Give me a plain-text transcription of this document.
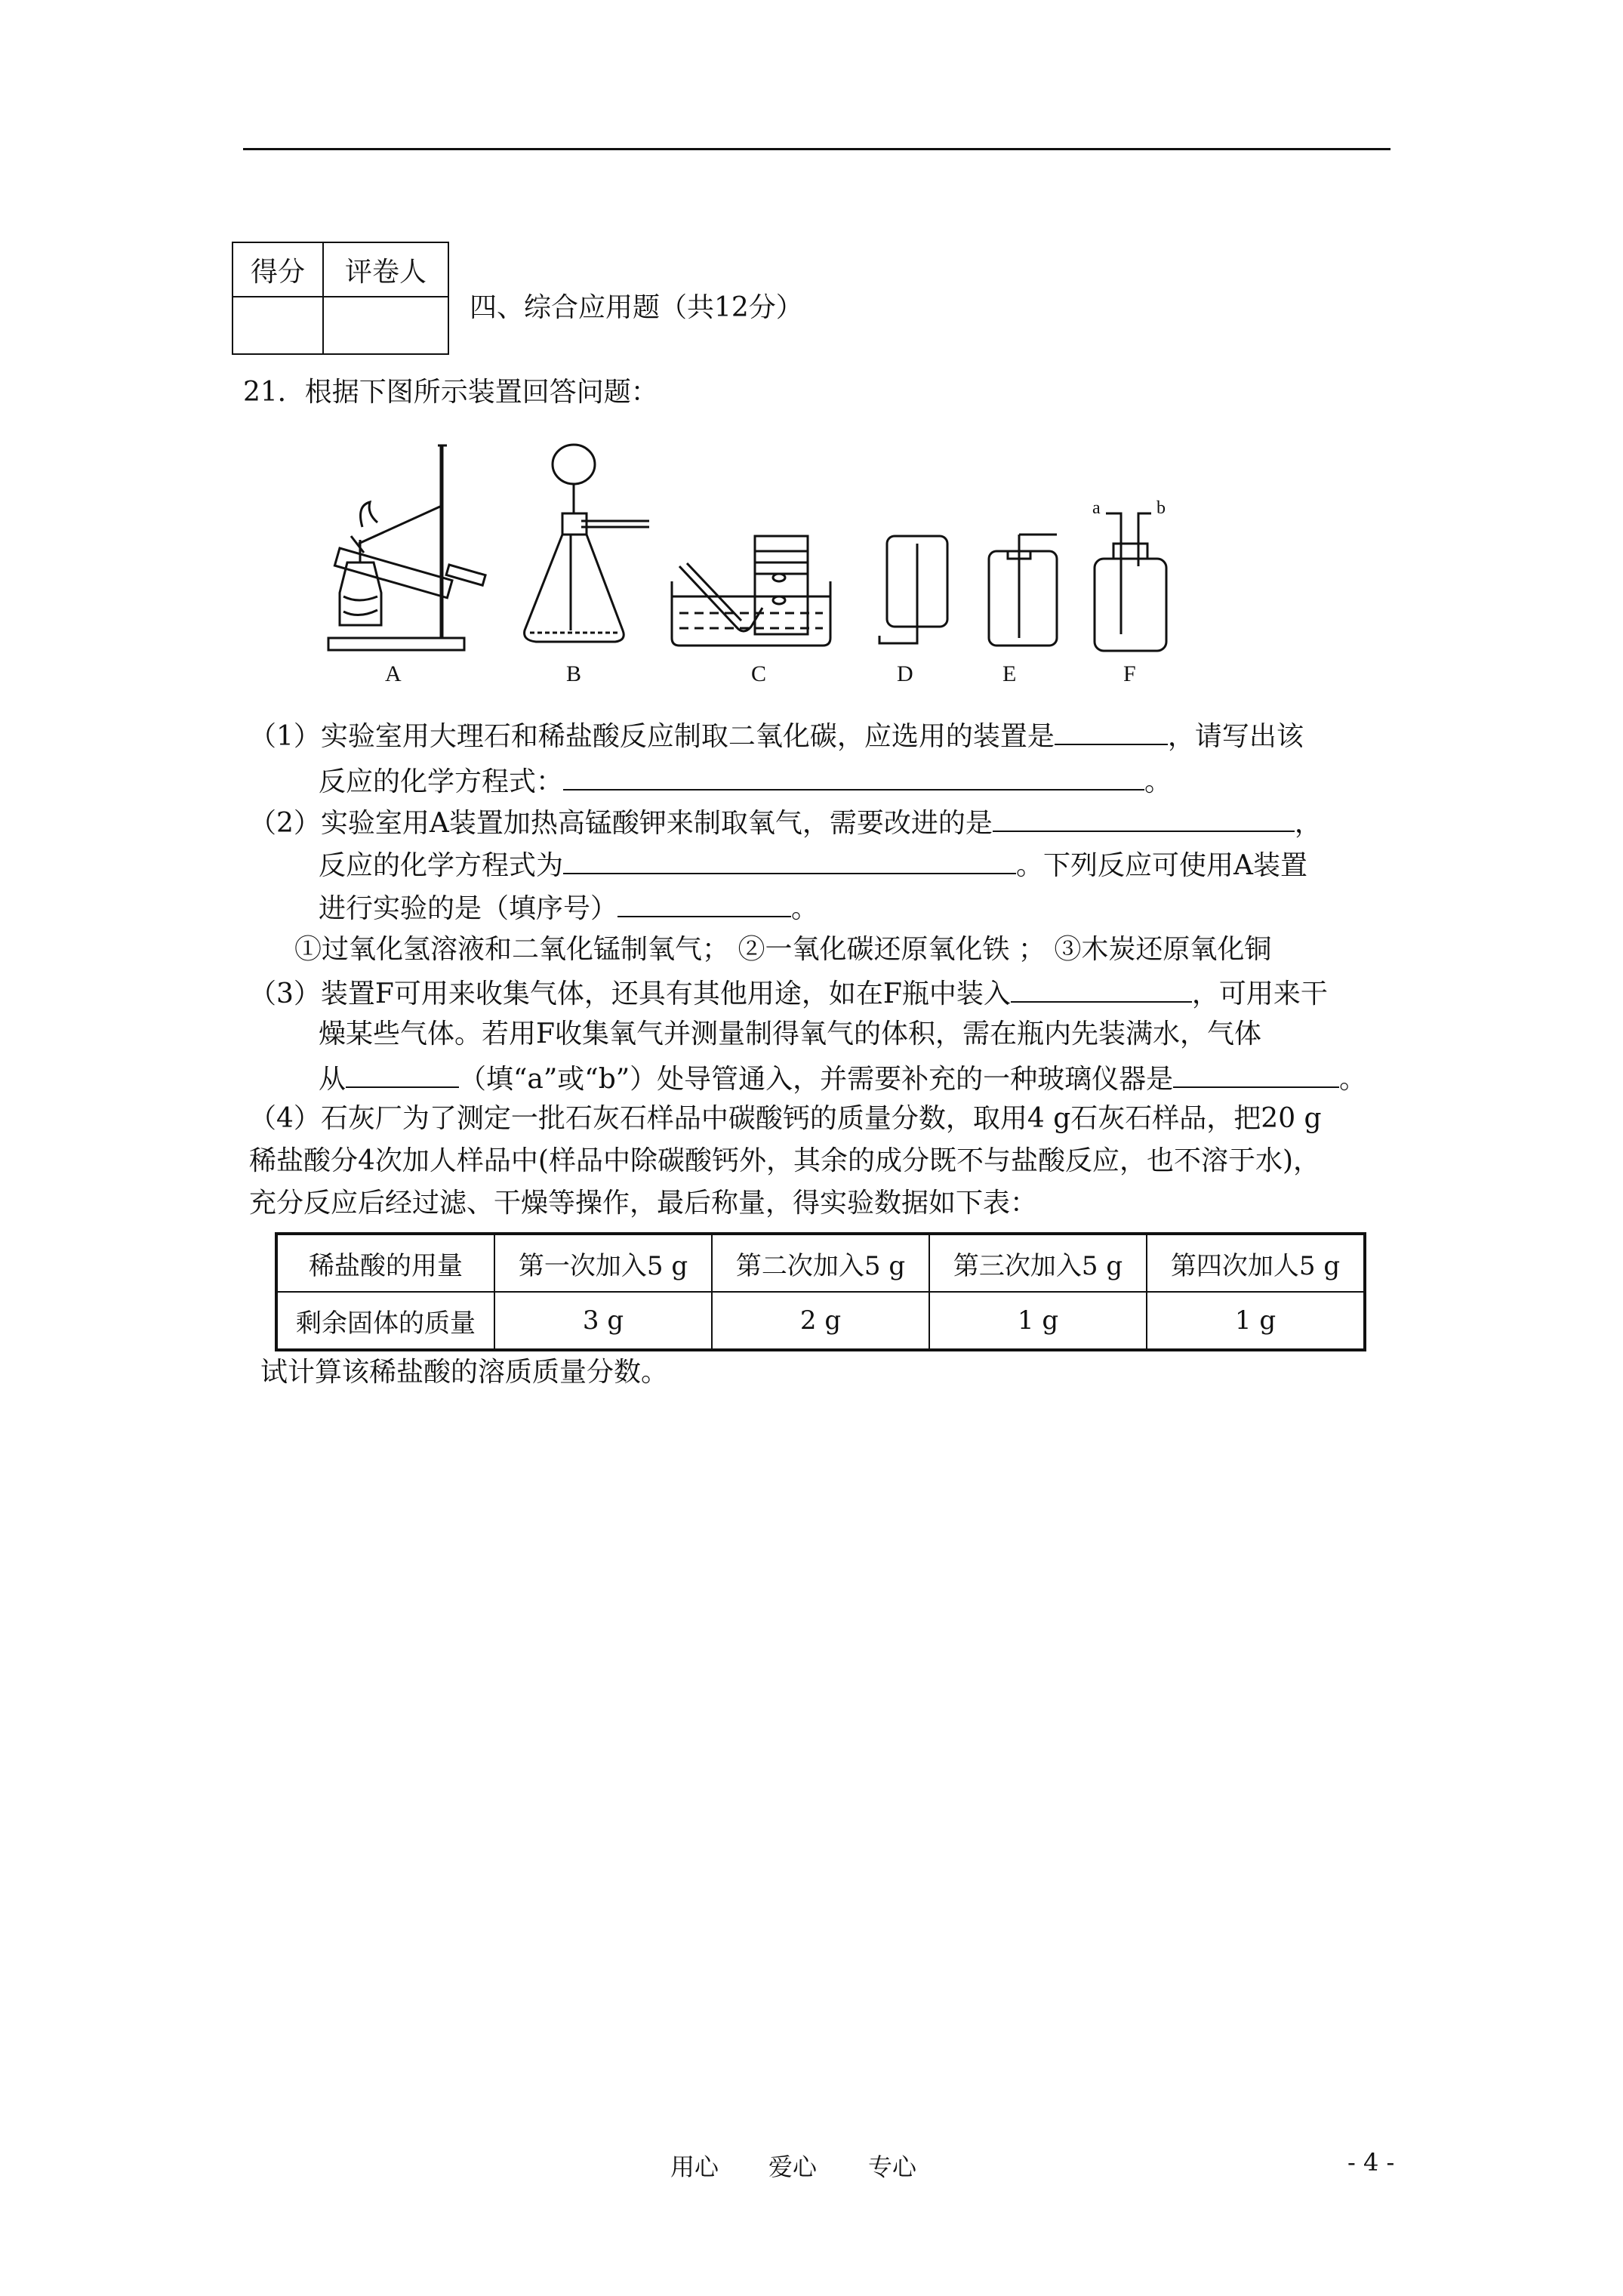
得分	评卷人

四、综合应用题（共12分）
21．根据下图所示装置回答问题：
A	B	C	D	E	F
a	b
（1）实验室用大理石和稀盐酸反应制取二氧化碳，应选用的装置是	，请写出该
反应的化学方程式：	。
（2）实验室用A装置加热高锰酸钾来制取氧气，需要改进的是	，
反应的化学方程式为	。下列反应可使用A装置
进行实验的是（填序号）	。
①过氧化氢溶液和二氧化锰制氧气； ②一氧化碳还原氧化铁 ； ③木炭还原氧化铜
（3）装置F可用来收集气体，还具有其他用途，如在F瓶中装入	，可用来干
燥某些气体。若用F收集氧气并测量制得氧气的体积，需在瓶内先装满水，气体
从	（填“a”或“b”）处导管通入，并需要补充的一种玻璃仪器是	。
（4）石灰厂为了测定一批石灰石样品中碳酸钙的质量分数，取用4 g石灰石样品，把20 g
稀盐酸分4次加人样品中(样品中除碳酸钙外，其余的成分既不与盐酸反应，也不溶于水)，
充分反应后经过滤、干燥等操作，最后称量，得实验数据如下表：
稀盐酸的用量	第一次加入5 g	第二次加入5 g	第三次加入5 g	第四次加人5 g
剩余固体的质量	3 g	2 g	1 g	1 g
试计算该稀盐酸的溶质质量分数。
用心 爱心 专心	- 4 -
